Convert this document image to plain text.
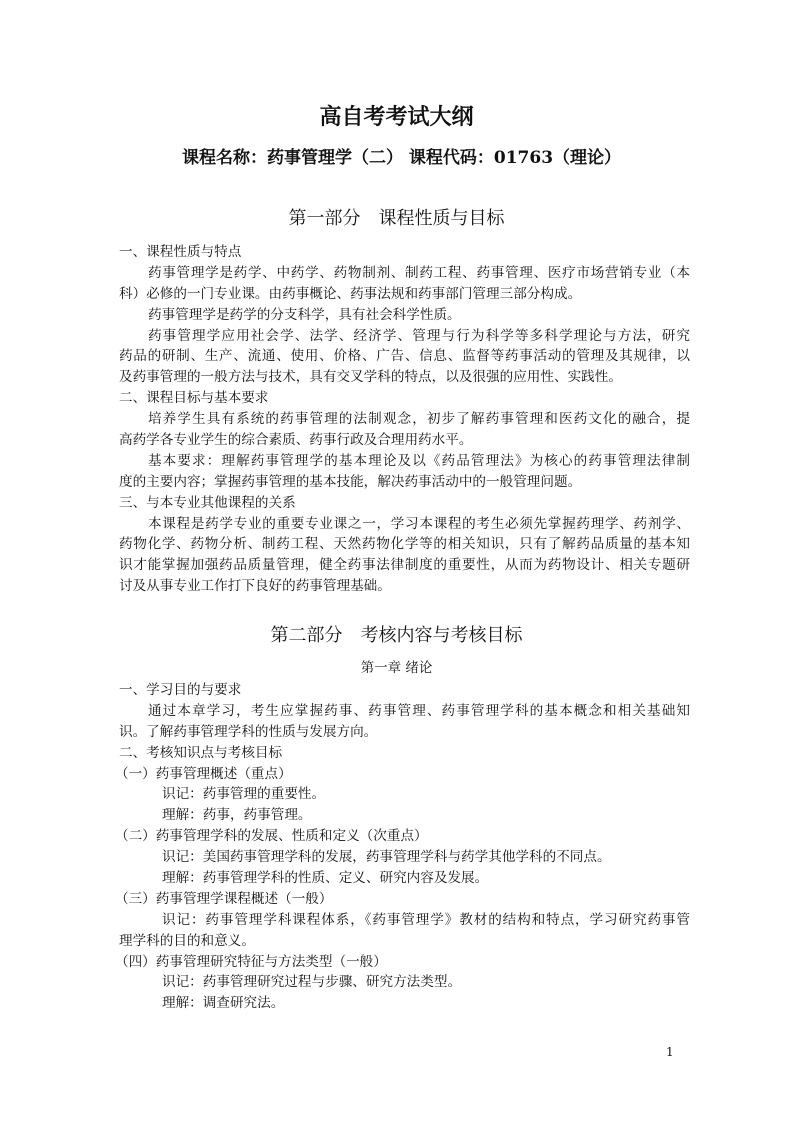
高自考考试大纲
课程名称：药事管理学（二） 课程代码：01763（理论）
第一部分　课程性质与目标
一、课程性质与特点
药事管理学是药学、中药学、药物制剂、制药工程、药事管理、医疗市场营销专业（本
科）必修的一门专业课。由药事概论、药事法规和药事部门管理三部分构成。
药事管理学是药学的分支科学，具有社会科学性质。
药事管理学应用社会学、法学、经济学、管理与行为科学等多科学理论与方法，研究
药品的研制、生产、流通、使用、价格、广告、信息、监督等药事活动的管理及其规律，以
及药事管理的一般方法与技术，具有交叉学科的特点，以及很强的应用性、实践性。
二、课程目标与基本要求
培养学生具有系统的药事管理的法制观念，初步了解药事管理和医药文化的融合，提
高药学各专业学生的综合素质、药事行政及合理用药水平。
基本要求：理解药事管理学的基本理论及以《药品管理法》为核心的药事管理法律制
度的主要内容；掌握药事管理的基本技能，解决药事活动中的一般管理问题。
三、与本专业其他课程的关系
本课程是药学专业的重要专业课之一，学习本课程的考生必须先掌握药理学、药剂学、
药物化学、药物分析、制药工程、天然药物化学等的相关知识，只有了解药品质量的基本知
识才能掌握加强药品质量管理，健全药事法律制度的重要性，从而为药物设计、相关专题研
讨及从事专业工作打下良好的药事管理基础。
第二部分　考核内容与考核目标
第一章 绪论
一、学习目的与要求
通过本章学习，考生应掌握药事、药事管理、药事管理学科的基本概念和相关基础知
识。了解药事管理学科的性质与发展方向。
二、考核知识点与考核目标
（一）药事管理概述（重点）
识记：药事管理的重要性。
理解：药事，药事管理。
（二）药事管理学科的发展、性质和定义（次重点）
识记：美国药事管理学科的发展，药事管理学科与药学其他学科的不同点。
理解：药事管理学科的性质、定义、研究内容及发展。
（三）药事管理学课程概述（一般）
识记：药事管理学科课程体系，《药事管理学》教材的结构和特点，学习研究药事管
理学科的目的和意义。
（四）药事管理研究特征与方法类型（一般）
识记：药事管理研究过程与步骤、研究方法类型。
理解：调查研究法。
1
